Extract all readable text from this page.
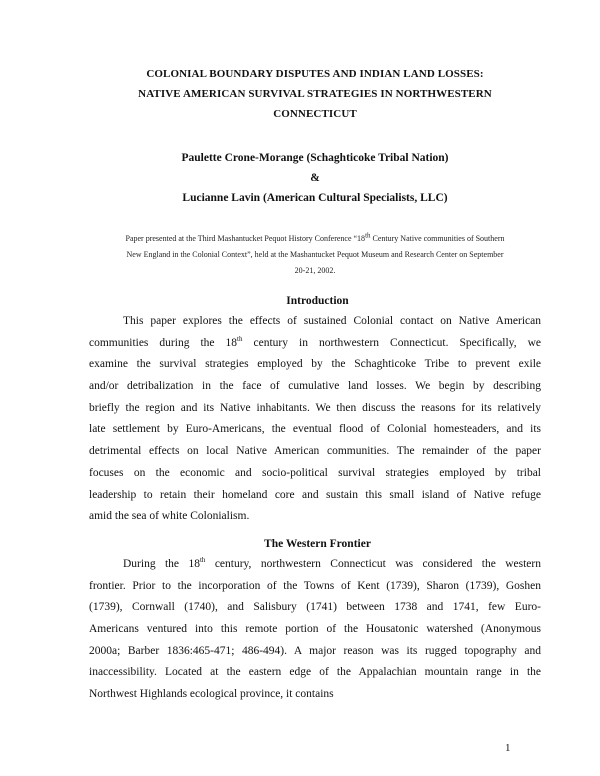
COLONIAL BOUNDARY DISPUTES AND INDIAN LAND LOSSES:
NATIVE AMERICAN SURVIVAL STRATEGIES IN NORTHWESTERN
CONNECTICUT
Paulette Crone-Morange (Schaghticoke Tribal Nation)
&
Lucianne Lavin (American Cultural Specialists, LLC)
Paper presented at the Third Mashantucket Pequot History Conference “18th Century Native communities of Southern
New England in the Colonial Context”, held at the Mashantucket Pequot Museum and Research Center on September
20-21, 2002.
Introduction
This paper explores the effects of sustained Colonial contact on Native American
communities during the 18th century in northwestern Connecticut. Specifically, we
examine the survival strategies employed by the Schaghticoke Tribe to prevent exile
and/or detribalization in the face of cumulative land losses. We begin by describing
briefly the region and its Native inhabitants. We then discuss the reasons for its relatively
late settlement by Euro-Americans, the eventual flood of Colonial homesteaders, and its
detrimental effects on local Native American communities. The remainder of the paper
focuses on the economic and socio-political survival strategies employed by tribal
leadership to retain their homeland core and sustain this small island of Native refuge
amid the sea of white Colonialism.
The Western Frontier
During the 18th century, northwestern Connecticut was considered the western
frontier. Prior to the incorporation of the Towns of Kent (1739), Sharon (1739), Goshen
(1739), Cornwall (1740), and Salisbury (1741) between 1738 and 1741, few Euro-
Americans ventured into this remote portion of the Housatonic watershed (Anonymous
2000a; Barber 1836:465-471; 486-494). A major reason was its rugged topography and
inaccessibility. Located at the eastern edge of the Appalachian mountain range in the
Northwest Highlands ecological province, it contains
1
